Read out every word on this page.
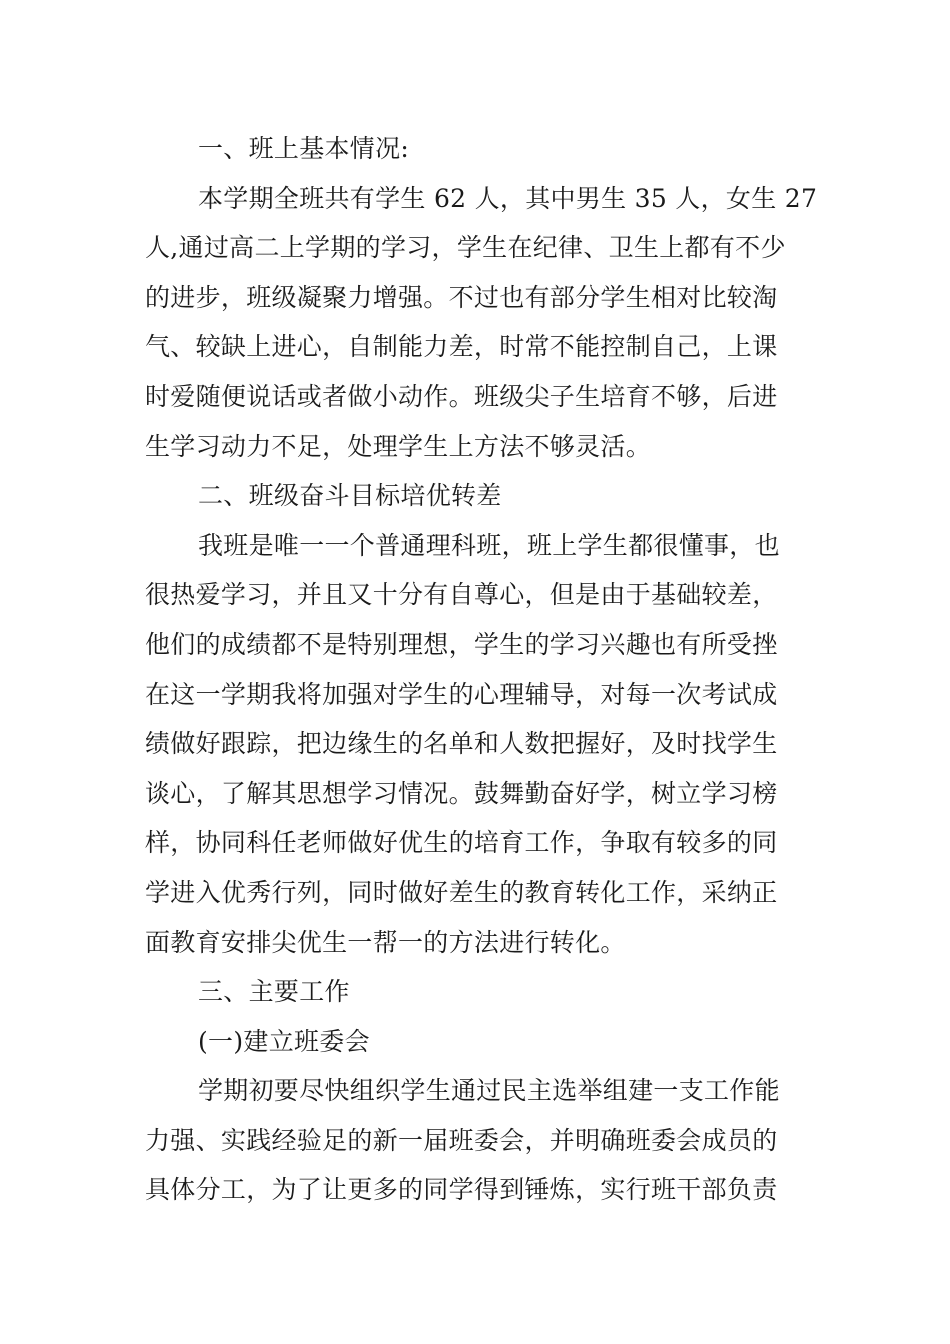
一、班上基本情况:
本学期全班共有学生 62 人，其中男生 35 人，女生 27
人,通过高二上学期的学习，学生在纪律、卫生上都有不少
的进步，班级凝聚力增强。不过也有部分学生相对比较淘
气、较缺上进心，自制能力差，时常不能控制自己，上课
时爱随便说话或者做小动作。班级尖子生培育不够，后进
生学习动力不足，处理学生上方法不够灵活。
二、班级奋斗目标培优转差
我班是唯一一个普通理科班，班上学生都很懂事，也
很热爱学习，并且又十分有自尊心，但是由于基础较差，
他们的成绩都不是特别理想，学生的学习兴趣也有所受挫
在这一学期我将加强对学生的心理辅导，对每一次考试成
绩做好跟踪，把边缘生的名单和人数把握好，及时找学生
谈心，了解其思想学习情况。鼓舞勤奋好学，树立学习榜
样，协同科任老师做好优生的培育工作，争取有较多的同
学进入优秀行列，同时做好差生的教育转化工作，采纳正
面教育安排尖优生一帮一的方法进行转化。
三、主要工作
(一)建立班委会
学期初要尽快组织学生通过民主选举组建一支工作能
力强、实践经验足的新一届班委会，并明确班委会成员的
具体分工，为了让更多的同学得到锤炼，实行班干部负责
